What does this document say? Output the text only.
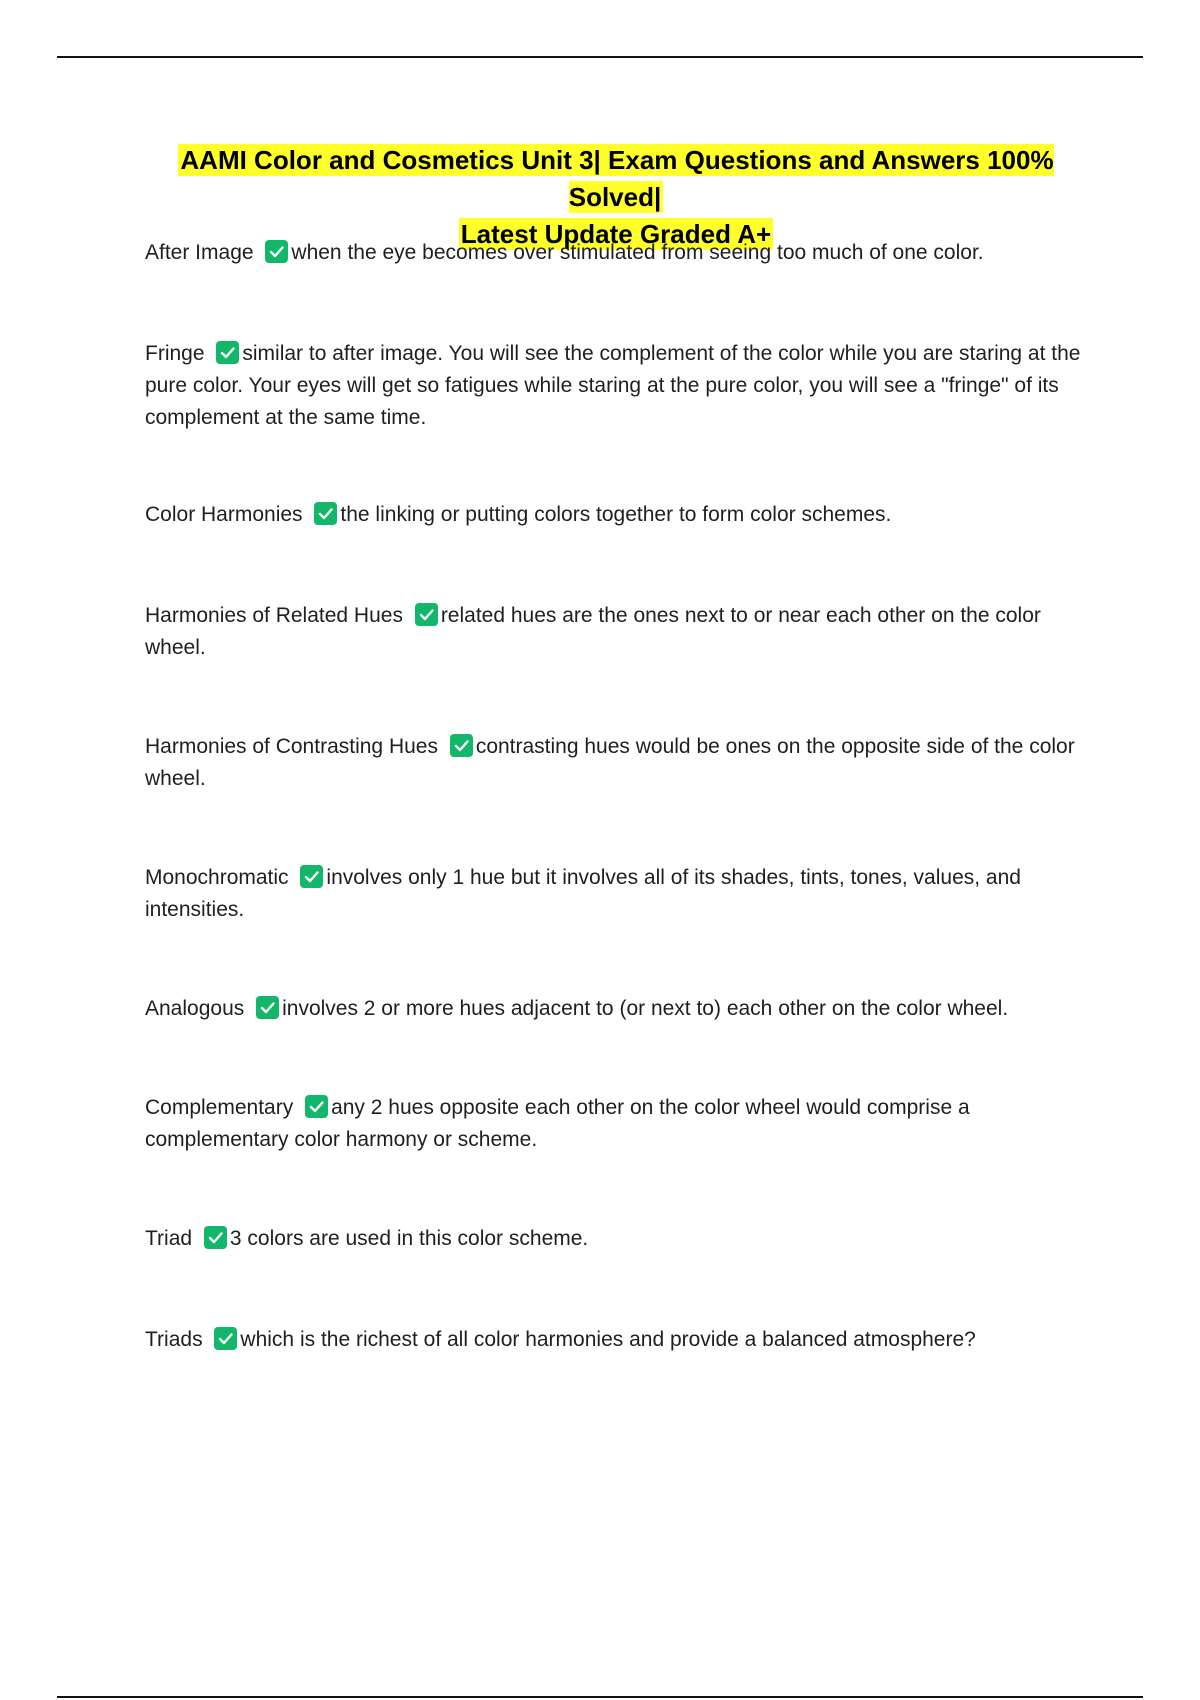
AAMI Color and Cosmetics Unit 3| Exam Questions and Answers 100% Solved|
Latest Update Graded A+
After Image when the eye becomes over stimulated from seeing too much of one color.
Fringe similar to after image. You will see the complement of the color while you are staring at the pure color. Your eyes will get so fatigues while staring at the pure color, you will see a "fringe" of its complement at the same time.
Color Harmonies the linking or putting colors together to form color schemes.
Harmonies of Related Hues related hues are the ones next to or near each other on the color wheel.
Harmonies of Contrasting Hues contrasting hues would be ones on the opposite side of the color wheel.
Monochromatic involves only 1 hue but it involves all of its shades, tints, tones, values, and intensities.
Analogous involves 2 or more hues adjacent to (or next to) each other on the color wheel.
Complementary any 2 hues opposite each other on the color wheel would comprise a complementary color harmony or scheme.
Triad 3 colors are used in this color scheme.
Triads which is the richest of all color harmonies and provide a balanced atmosphere?
